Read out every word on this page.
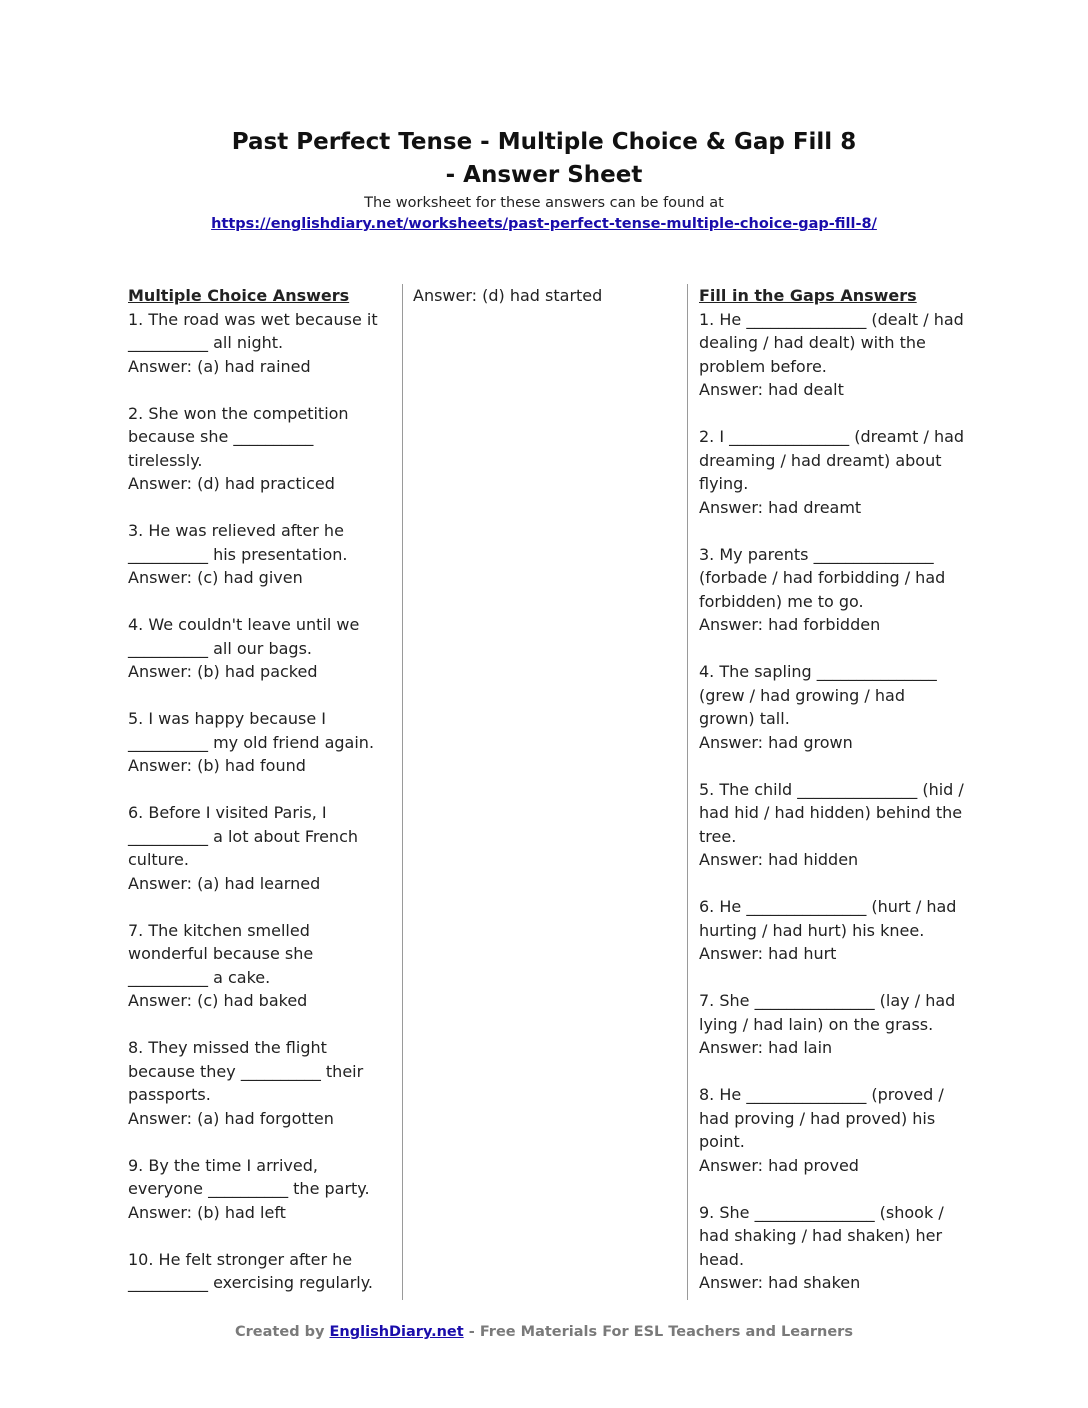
Past Perfect Tense - Multiple Choice & Gap Fill 8
- Answer Sheet
The worksheet for these answers can be found at
https://englishdiary.net/worksheets/past-perfect-tense-multiple-choice-gap-fill-8/
Multiple Choice Answers
1. The road was wet because it __________ all night.
Answer: (a) had rained
2. She won the competition because she __________ tirelessly.
Answer: (d) had practiced
3. He was relieved after he __________ his presentation.
Answer: (c) had given
4. We couldn't leave until we __________ all our bags.
Answer: (b) had packed
5. I was happy because I __________ my old friend again.
Answer: (b) had found
6. Before I visited Paris, I __________ a lot about French culture.
Answer: (a) had learned
7. The kitchen smelled wonderful because she __________ a cake.
Answer: (c) had baked
8. They missed the flight because they __________ their passports.
Answer: (a) had forgotten
9. By the time I arrived, everyone __________ the party.
Answer: (b) had left
10. He felt stronger after he __________ exercising regularly.
Answer: (d) had started	Fill in the Gaps Answers
1. He _______________ (dealt / had dealing / had dealt) with the problem before.
Answer: had dealt
2. I _______________ (dreamt / had dreaming / had dreamt) about flying.
Answer: had dreamt
3. My parents _______________ (forbade / had forbidding / had forbidden) me to go.
Answer: had forbidden
4. The sapling _______________ (grew / had growing / had grown) tall.
Answer: had grown
5. The child _______________ (hid / had hid / had hidden) behind the tree.
Answer: had hidden
6. He _______________ (hurt / had hurting / had hurt) his knee.
Answer: had hurt
7. She _______________ (lay / had lying / had lain) on the grass.
Answer: had lain
8. He _______________ (proved / had proving / had proved) his point.
Answer: had proved
9. She _______________ (shook / had shaking / had shaken) her head.
Answer: had shaken
Created by EnglishDiary.net - Free Materials For ESL Teachers and Learners
